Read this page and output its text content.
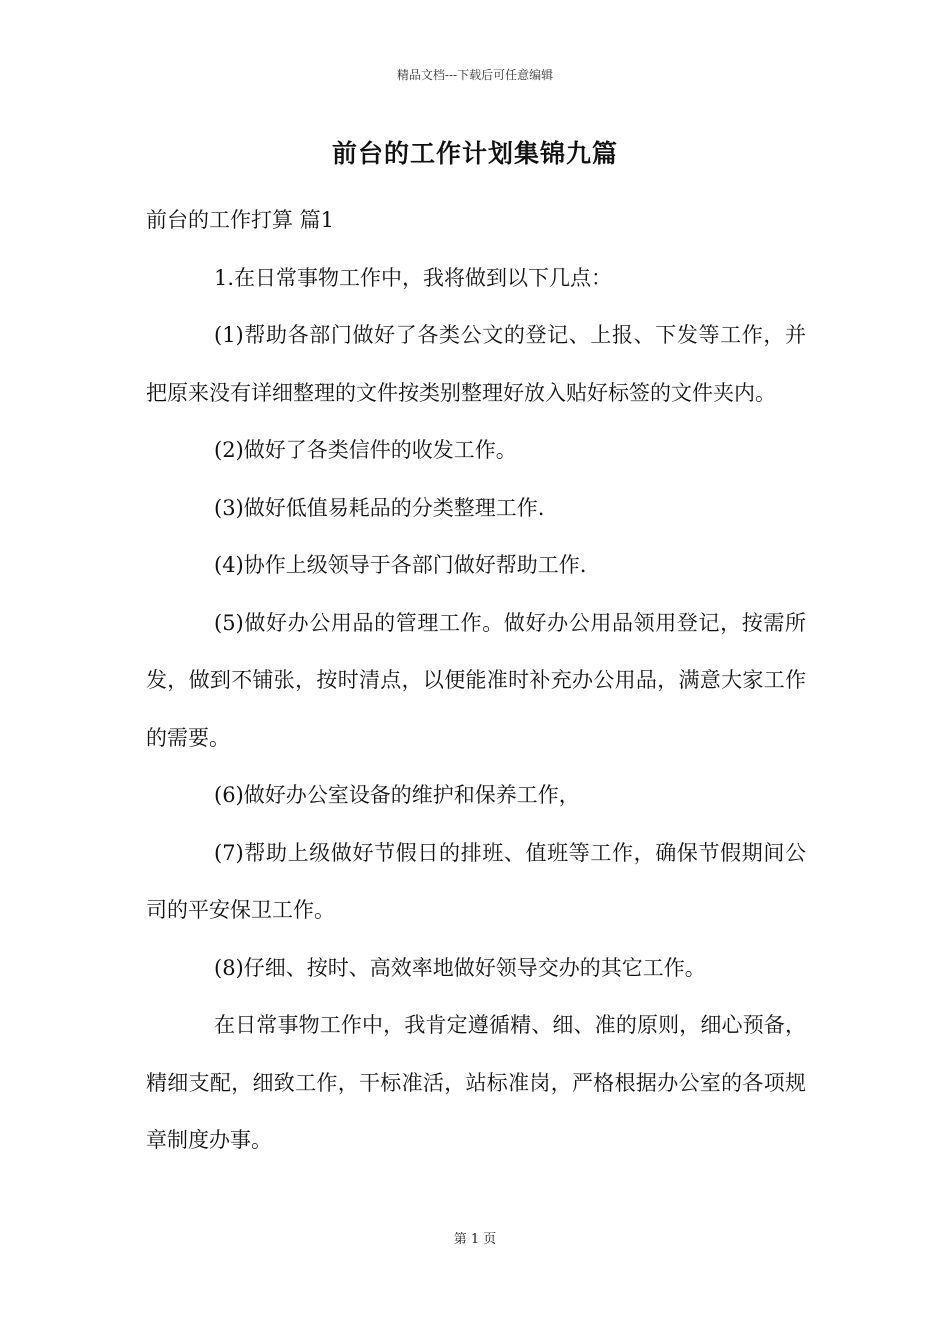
精品文档---下载后可任意编辑
前台的工作计划集锦九篇

前台的工作打算 篇1

1.在日常事物工作中，我将做到以下几点：

(1)帮助各部门做好了各类公文的登记、上报、下发等工作，并把原来没有详细整理的文件按类别整理好放入贴好标签的文件夹内。

(2)做好了各类信件的收发工作。

(3)做好低值易耗品的分类整理工作.

(4)协作上级领导于各部门做好帮助工作.

(5)做好办公用品的管理工作。做好办公用品领用登记，按需所发，做到不铺张，按时清点，以便能准时补充办公用品，满意大家工作的需要。

(6)做好办公室设备的维护和保养工作，

(7)帮助上级做好节假日的排班、值班等工作，确保节假期间公司的平安保卫工作。

(8)仔细、按时、高效率地做好领导交办的其它工作。

在日常事物工作中，我肯定遵循精、细、准的原则，细心预备，精细支配，细致工作，干标准活，站标准岗，严格根据办公室的各项规章制度办事。

第 1 页
